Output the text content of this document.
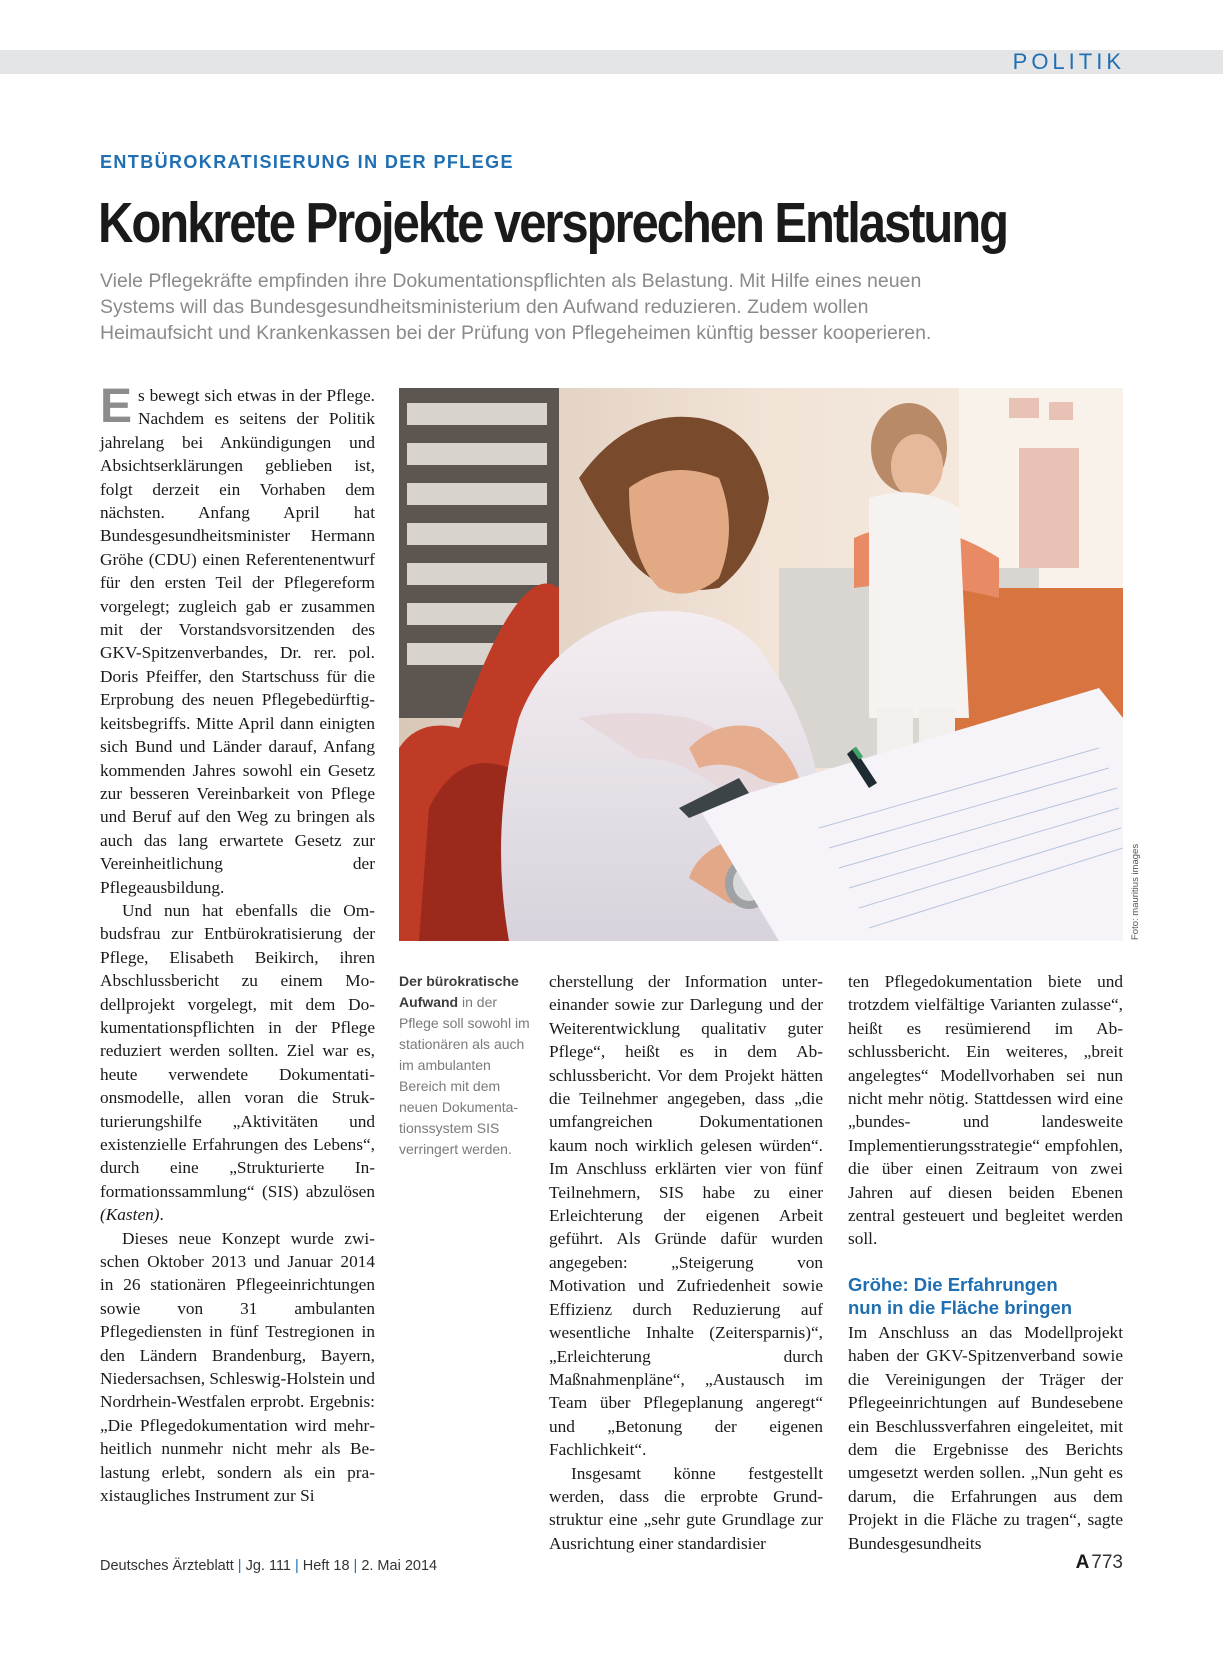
POLITIK
ENTBÜROKRATISIERUNG IN DER PFLEGE
Konkrete Projekte versprechen Entlastung

Viele Pflegekräfte empfinden ihre Dokumentationspflichten als Belastung. Mit Hilfe eines neuen

Systems will das Bundesgesundheitsministerium den Aufwand reduzieren. Zudem wollen

Heimaufsicht und Krankenkassen bei der Prüfung von Pflegeheimen künftig besser kooperieren.

Es bewegt sich etwas in der Pflege. Nachdem es seitens der Politik jahrelang bei Ankündigungen und Absichtserklärungen geblieben ist, folgt derzeit ein Vorhaben dem nächsten. Anfang April hat Bundesgesundheitsminister Hermann Gröhe (CDU) einen Referentenentwurf für den ersten Teil der Pflegereform vorgelegt; zugleich gab er zusammen mit der Vorstandsvorsitzenden des GKV-Spitzenverbandes, Dr. rer. pol. Doris Pfeiffer, den Startschuss für die Erprobung des neuen Pflegebedürftigkeitsbegriffs. Mitte April dann einigten sich Bund und Länder darauf, Anfang kommenden Jahres sowohl ein Gesetz zur besseren Vereinbarkeit von Pflege und Beruf auf den Weg zu bringen als auch das lang erwartete Gesetz zur Vereinheitlichung der Pflegeausbildung.

Und nun hat ebenfalls die Ombudsfrau zur Entbürokratisierung der Pflege, Elisabeth Beikirch, ihren Abschlussbericht zu einem Modellprojekt vorgelegt, mit dem Dokumentationspflichten in der Pflege reduziert werden sollten. Ziel war es, heute verwendete Dokumentationsmodelle, allen voran die Strukturierungshilfe „Aktivitäten und existenzielle Erfahrungen des Lebens“, durch eine „Strukturierte Informationssammlung“ (SIS) abzulösen (Kasten).

Dieses neue Konzept wurde zwischen Oktober 2013 und Januar 2014 in 26 stationären Pflegeeinrichtungen sowie von 31 ambulanten Pflegediensten in fünf Testregionen in den Ländern Brandenburg, Bayern, Niedersachsen, Schleswig-Holstein und Nordrhein-Westfalen erprobt. Ergebnis: „Die Pflegedokumentation wird mehrheitlich nunmehr nicht mehr als Belastung erlebt, sondern als ein praxistaugliches Instrument zur Si

Foto: mauritius images
Der bürokratische Aufwand in der Pflege soll sowohl im stationären als auch im ambulanten Bereich mit dem neuen Dokumentationssystem SIS verringert werden.

cherstellung der Information untereinander sowie zur Darlegung und der Weiterentwicklung qualitativ guter Pflege“, heißt es in dem Abschlussbericht. Vor dem Projekt hätten die Teilnehmer angegeben, dass „die umfangreichen Dokumentationen kaum noch wirklich gelesen würden“. Im Anschluss erklärten vier von fünf Teilnehmern, SIS habe zu einer Erleichterung der eigenen Arbeit geführt. Als Gründe dafür wurden angegeben: „Steigerung von Motivation und Zufriedenheit sowie Effizienz durch Reduzierung auf wesentliche Inhalte (Zeitersparnis)“, „Erleichterung durch Maßnahmenpläne“, „Austausch im Team über Pflegeplanung angeregt“ und „Betonung der eigenen Fachlichkeit“.

Insgesamt könne festgestellt werden, dass die erprobte Grundstruktur eine „sehr gute Grundlage zur Ausrichtung einer standardisier

ten Pflegedokumentation biete und trotzdem vielfältige Varianten zulasse“, heißt es resümierend im Abschlussbericht. Ein weiteres, „breit angelegtes“ Modellvorhaben sei nun nicht mehr nötig. Stattdessen wird eine „bundes- und landesweite Implementierungsstrategie“ empfohlen, die über einen Zeitraum von zwei Jahren auf diesen beiden Ebenen zentral gesteuert und begleitet werden soll.

Gröhe: Die Erfahrungen
nun in die Fläche bringen

Im Anschluss an das Modellprojekt haben der GKV-Spitzenverband sowie die Vereinigungen der Träger der Pflegeeinrichtungen auf Bundesebene ein Beschlussverfahren eingeleitet, mit dem die Ergebnisse des Berichts umgesetzt werden sollen. „Nun geht es darum, die Erfahrungen aus dem Projekt in die Fläche zu tragen“, sagte Bundesgesundheits

Deutsches Ärzteblatt | Jg. 111 | Heft 18 | 2. Mai 2014	A 773
